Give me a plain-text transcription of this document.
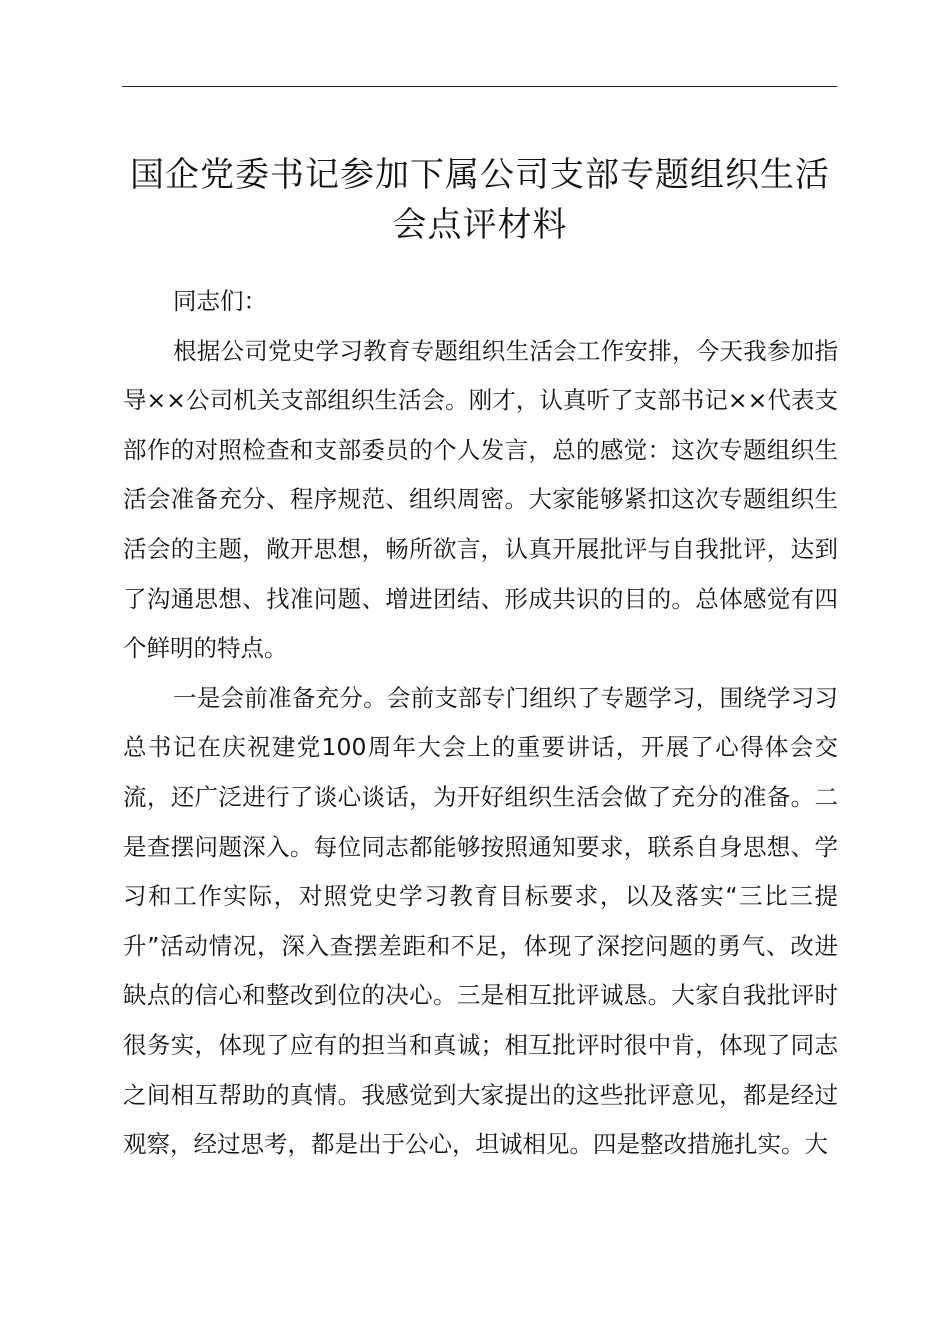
国企党委书记参加下属公司支部专题组织生活
会点评材料

同志们：

根据公司党史学习教育专题组织生活会工作安排，今天我参加指导××公司机关支部组织生活会。刚才，认真听了支部书记××代表支部作的对照检查和支部委员的个人发言，总的感觉：这次专题组织生活会准备充分、程序规范、组织周密。大家能够紧扣这次专题组织生活会的主题，敞开思想，畅所欲言，认真开展批评与自我批评，达到了沟通思想、找准问题、增进团结、形成共识的目的。总体感觉有四个鲜明的特点。

一是会前准备充分。会前支部专门组织了专题学习，围绕学习习总书记在庆祝建党100周年大会上的重要讲话，开展了心得体会交流，还广泛进行了谈心谈话，为开好组织生活会做了充分的准备。二是查摆问题深入。每位同志都能够按照通知要求，联系自身思想、学习和工作实际，对照党史学习教育目标要求，以及落实“三比三提升”活动情况，深入查摆差距和不足，体现了深挖问题的勇气、改进缺点的信心和整改到位的决心。三是相互批评诚恳。大家自我批评时很务实，体现了应有的担当和真诚；相互批评时很中肯，体现了同志之间相互帮助的真情。我感觉到大家提出的这些批评意见，都是经过观察，经过思考，都是出于公心，坦诚相见。四是整改措施扎实。大
